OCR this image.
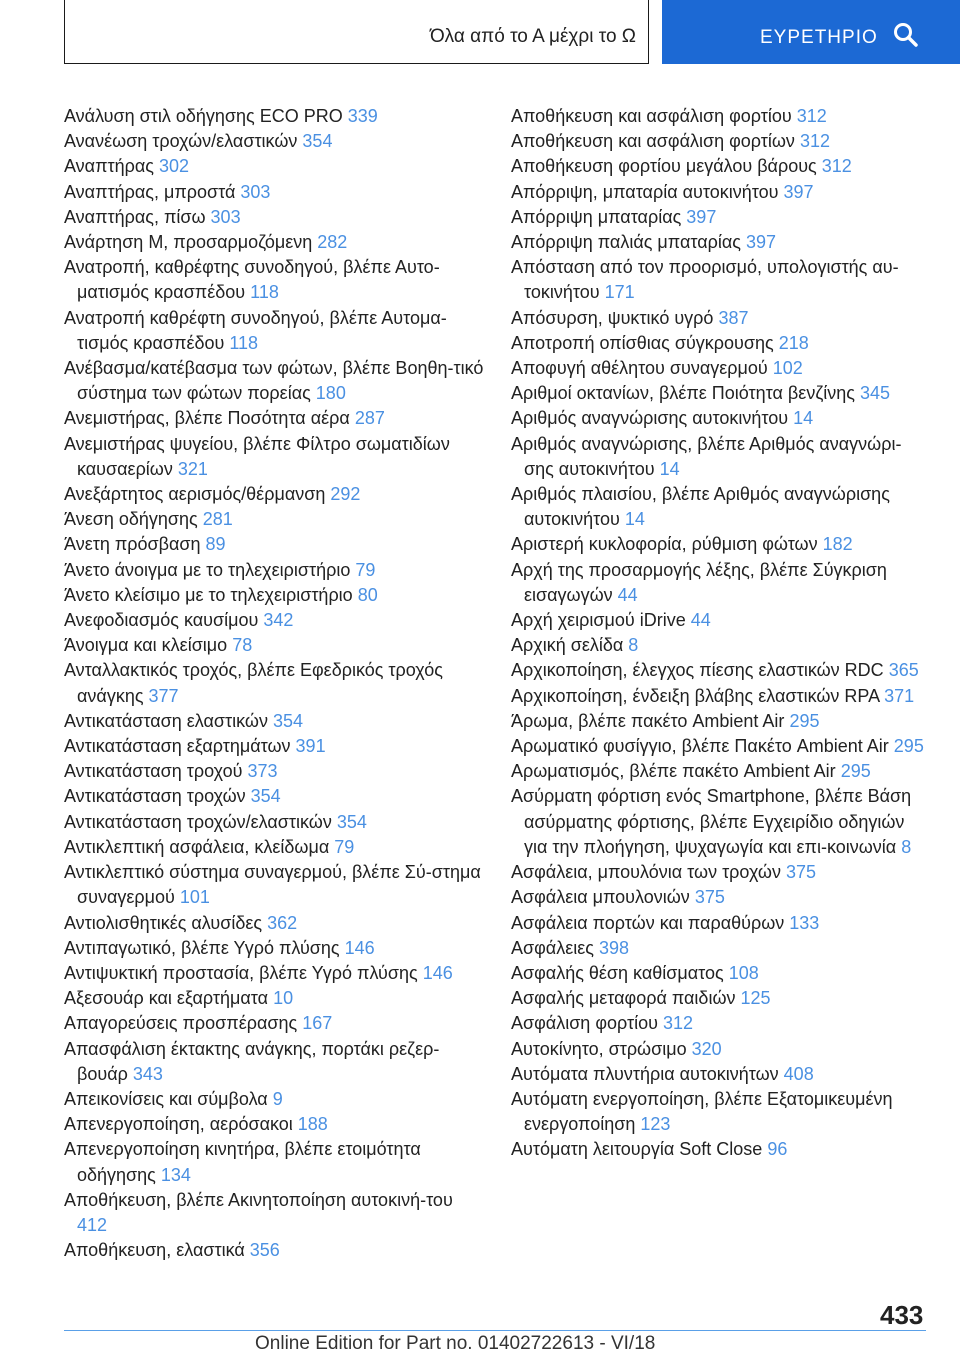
Όλα από το Α μέχρι το Ω	ΕΥΡΕΤΗΡΙΟ
Ανάλυση στιλ οδήγησης ECO PRO 339
Ανανέωση τροχών/ελαστικών 354
Αναπτήρας 302
Αναπτήρας, μπροστά 303
Αναπτήρας, πίσω 303
Ανάρτηση M, προσαρμοζόμενη 282
Ανατροπή, καθρέφτης συνοδηγού, βλέπε Αυτο-ματισμός κρασπέδου 118
Ανατροπή καθρέφτη συνοδηγού, βλέπε Αυτομα-τισμός κρασπέδου 118
Ανέβασμα/κατέβασμα των φώτων, βλέπε Βοηθη-τικό σύστημα των φώτων πορείας 180
Ανεμιστήρας, βλέπε Ποσότητα αέρα 287
Ανεμιστήρας ψυγείου, βλέπε Φίλτρο σωματιδίων καυσαερίων 321
Ανεξάρτητος αερισμός/θέρμανση 292
Άνεση οδήγησης 281
Άνετη πρόσβαση 89
Άνετο άνοιγμα με το τηλεχειριστήριο 79
Άνετο κλείσιμο με το τηλεχειριστήριο 80
Ανεφοδιασμός καυσίμου 342
Άνοιγμα και κλείσιμο 78
Ανταλλακτικός τροχός, βλέπε Εφεδρικός τροχός ανάγκης 377
Αντικατάσταση ελαστικών 354
Αντικατάσταση εξαρτημάτων 391
Αντικατάσταση τροχού 373
Αντικατάσταση τροχών 354
Αντικατάσταση τροχών/ελαστικών 354
Αντικλεπτική ασφάλεια, κλείδωμα 79
Αντικλεπτικό σύστημα συναγερμού, βλέπε Σύ-στημα συναγερμού 101
Αντιολισθητικές αλυσίδες 362
Αντιπαγωτικό, βλέπε Υγρό πλύσης 146
Αντιψυκτική προστασία, βλέπε Υγρό πλύσης 146
Αξεσουάρ και εξαρτήματα 10
Απαγορεύσεις προσπέρασης 167
Απασφάλιση έκτακτης ανάγκης, πορτάκι ρεζερ-βουάρ 343
Απεικονίσεις και σύμβολα 9
Απενεργοποίηση, αερόσακοι 188
Απενεργοποίηση κινητήρα, βλέπε ετοιμότητα οδήγησης 134
Αποθήκευση, βλέπε Ακινητοποίηση αυτοκινή-του 412
Αποθήκευση, ελαστικά 356
Αποθήκευση και ασφάλιση φορτίου 312
Αποθήκευση και ασφάλιση φορτίων 312
Αποθήκευση φορτίου μεγάλου βάρους 312
Απόρριψη, μπαταρία αυτοκινήτου 397
Απόρριψη μπαταρίας 397
Απόρριψη παλιάς μπαταρίας 397
Απόσταση από τον προορισμό, υπολογιστής αυ-τοκινήτου 171
Απόσυρση, ψυκτικό υγρό 387
Αποτροπή οπίσθιας σύγκρουσης 218
Αποφυγή αθέλητου συναγερμού 102
Αριθμοί οκτανίων, βλέπε Ποιότητα βενζίνης 345
Αριθμός αναγνώρισης αυτοκινήτου 14
Αριθμός αναγνώρισης, βλέπε Αριθμός αναγνώρι-σης αυτοκινήτου 14
Αριθμός πλαισίου, βλέπε Αριθμός αναγνώρισης αυτοκινήτου 14
Αριστερή κυκλοφορία, ρύθμιση φώτων 182
Αρχή της προσαρμογής λέξης, βλέπε Σύγκριση εισαγωγών 44
Αρχή χειρισμού iDrive 44
Αρχική σελίδα 8
Αρχικοποίηση, έλεγχος πίεσης ελαστικών RDC 365
Αρχικοποίηση, ένδειξη βλάβης ελαστικών RPA 371
Άρωμα, βλέπε πακέτο Ambient Air 295
Αρωματικό φυσίγγιο, βλέπε Πακέτο Ambient Air 295
Αρωματισμός, βλέπε πακέτο Ambient Air 295
Ασύρματη φόρτιση ενός Smartphone, βλέπε Βάση ασύρματης φόρτισης, βλέπε Εγχειρίδιο οδηγιών για την πλοήγηση, ψυχαγωγία και επι-κοινωνία 8
Ασφάλεια, μπουλόνια των τροχών 375
Ασφάλεια μπουλονιών 375
Ασφάλεια πορτών και παραθύρων 133
Ασφάλειες 398
Ασφαλής θέση καθίσματος 108
Ασφαλής μεταφορά παιδιών 125
Ασφάλιση φορτίου 312
Αυτοκίνητο, στρώσιμο 320
Αυτόματα πλυντήρια αυτοκινήτων 408
Αυτόματη ενεργοποίηση, βλέπε Εξατομικευμένη ενεργοποίηση 123
Αυτόματη λειτουργία Soft Close 96
433
Online Edition for Part no. 01402722613 - VI/18
